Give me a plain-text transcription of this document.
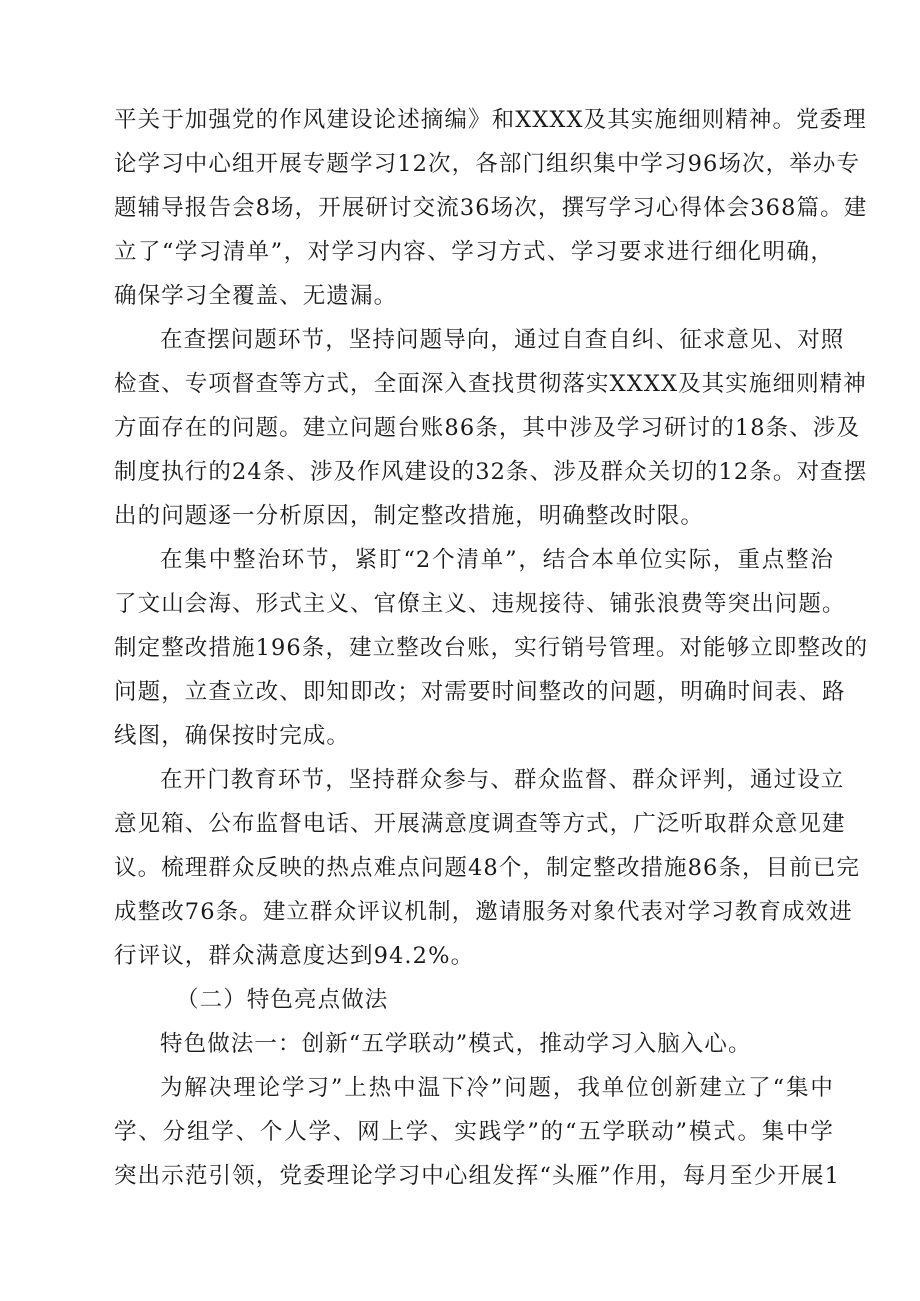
平关于加强党的作风建设论述摘编》和XXXX及其实施细则精神。党委理
论学习中心组开展专题学习12次，各部门组织集中学习96场次，举办专
题辅导报告会8场，开展研讨交流36场次，撰写学习心得体会368篇。建
立了“学习清单”，对学习内容、学习方式、学习要求进行细化明确，
确保学习全覆盖、无遗漏。
在查摆问题环节，坚持问题导向，通过自查自纠、征求意见、对照
检查、专项督查等方式，全面深入查找贯彻落实XXXX及其实施细则精神
方面存在的问题。建立问题台账86条，其中涉及学习研讨的18条、涉及
制度执行的24条、涉及作风建设的32条、涉及群众关切的12条。对查摆
出的问题逐一分析原因，制定整改措施，明确整改时限。
在集中整治环节，紧盯“2个清单”，结合本单位实际，重点整治
了文山会海、形式主义、官僚主义、违规接待、铺张浪费等突出问题。
制定整改措施196条，建立整改台账，实行销号管理。对能够立即整改的
问题，立查立改、即知即改；对需要时间整改的问题，明确时间表、路
线图，确保按时完成。
在开门教育环节，坚持群众参与、群众监督、群众评判，通过设立
意见箱、公布监督电话、开展满意度调查等方式，广泛听取群众意见建
议。梳理群众反映的热点难点问题48个，制定整改措施86条，目前已完
成整改76条。建立群众评议机制，邀请服务对象代表对学习教育成效进
行评议，群众满意度达到94.2%。
（二）特色亮点做法
特色做法一：创新“五学联动”模式，推动学习入脑入心。
为解决理论学习”上热中温下冷”问题，我单位创新建立了“集中
学、分组学、个人学、网上学、实践学”的“五学联动”模式。集中学
突出示范引领，党委理论学习中心组发挥“头雁”作用，每月至少开展1
